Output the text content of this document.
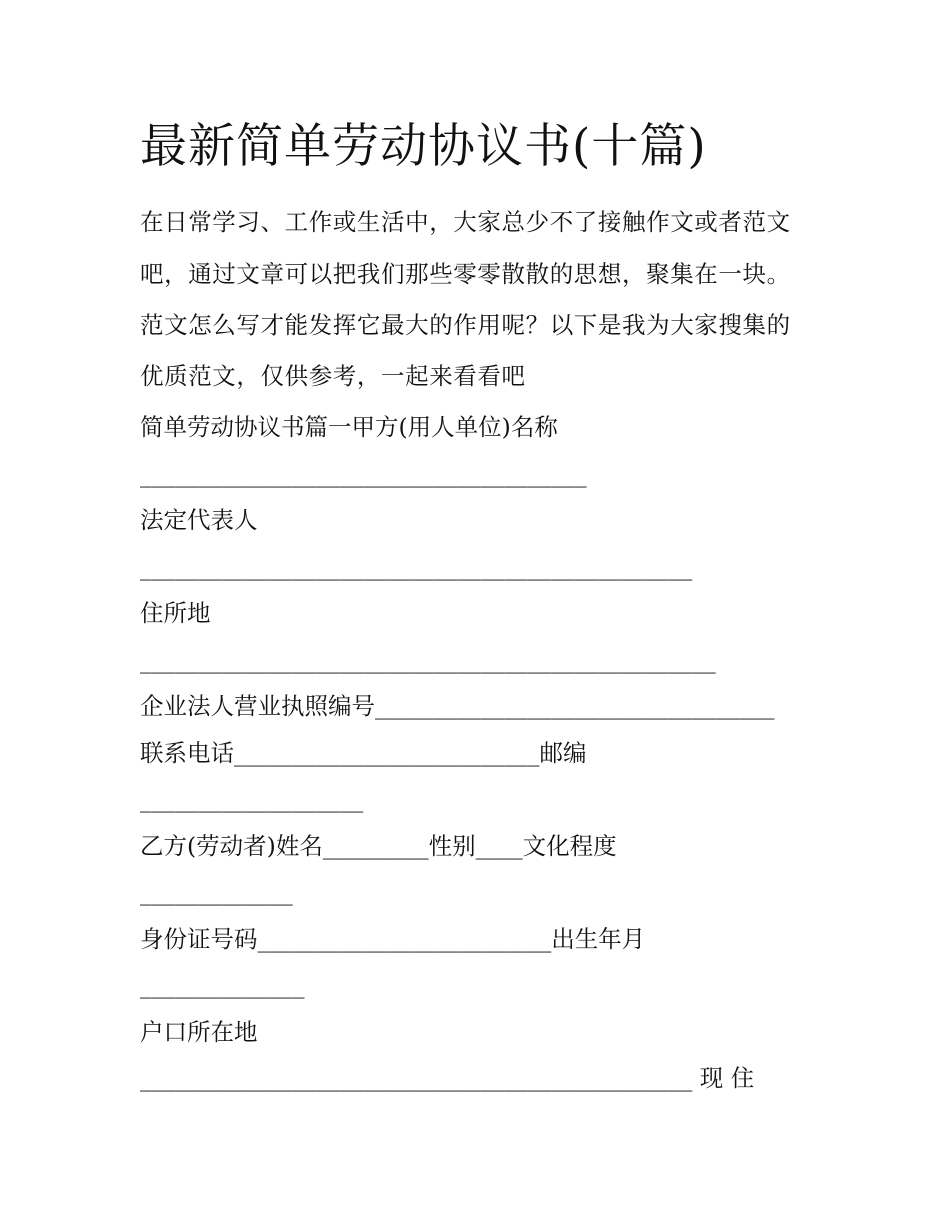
最新简单劳动协议书(十篇)

在日常学习、工作或生活中，大家总少不了接触作文或者范文

吧，通过文章可以把我们那些零零散散的思想，聚集在一块。

范文怎么写才能发挥它最大的作用呢？以下是我为大家搜集的

优质范文，仅供参考，一起来看看吧

简单劳动协议书篇一甲方(用人单位)名称

______________________________________

法定代表人

_______________________________________________

住所地

_________________________________________________

企业法人营业执照编号__________________________________

联系电话__________________________邮编

___________________

乙方(劳动者)姓名_________性别____文化程度

_____________

身份证号码_________________________出生年月

______________

户口所在地

_______________________________________________ 现 住
